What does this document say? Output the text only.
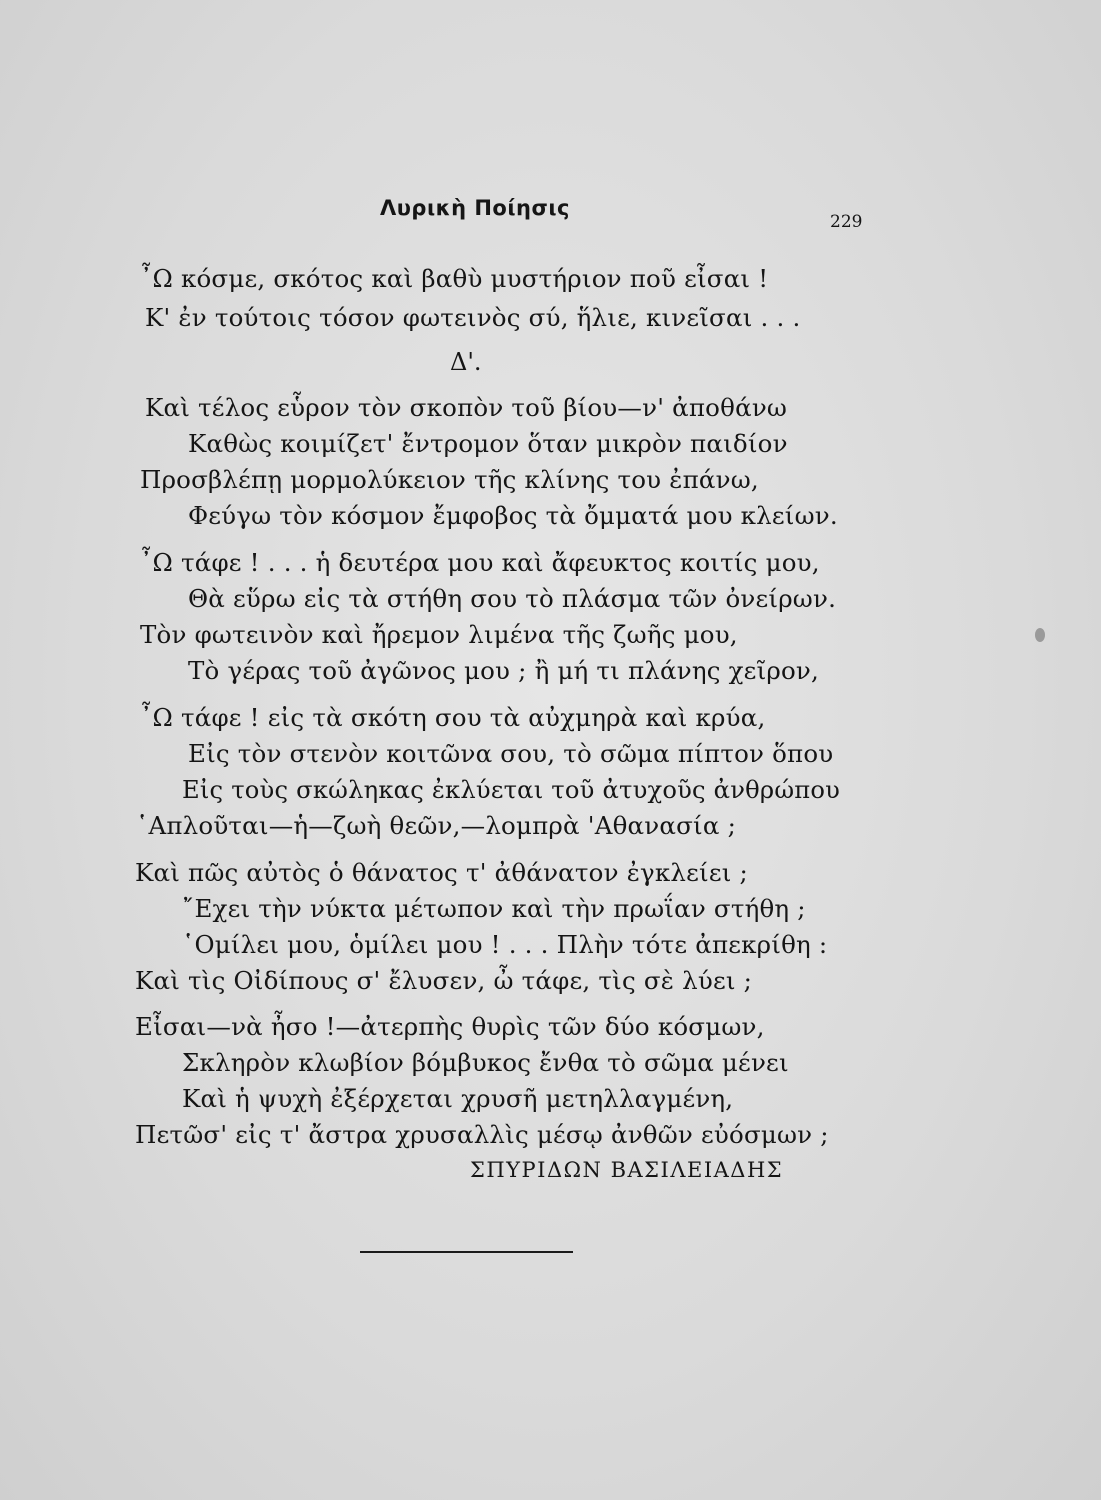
Λυρικὴ Ποίησις
229
῏Ω κόσμε, σκότος καὶ βαθὺ μυστήριον ποῦ εἶσαι !
Κ' ἐν τούτοις τόσον φωτεινὸς σύ, ἥλιε, κινεῖσαι . . .
Δ'.
Καὶ τέλος εὗρον τὸν σκοπὸν τοῦ βίου—ν' ἀποθάνω
Καθὼς κοιμίζετ' ἔντρομον ὅταν μικρὸν παιδίον
Προσβλέπῃ μορμολύκειον τῆς κλίνης του ἐπάνω,
Φεύγω τὸν κόσμον ἔμφοβος τὰ ὄμματά μου κλείων.
῏Ω τάφε ! . . . ἡ δευτέρα μου καὶ ἄφευκτος κοιτίς μου,
Θὰ εὕρω εἰς τὰ στήθη σου τὸ πλάσμα τῶν ὀνείρων.
Τὸν φωτεινὸν καὶ ἤρεμον λιμένα τῆς ζωῆς μου,
Τὸ γέρας τοῦ ἀγῶνος μου ; ἢ μή τι πλάνης χεῖρον,
῏Ω τάφε ! εἰς τὰ σκότη σου τὰ αὐχμηρὰ καὶ κρύα,
Εἰς τὸν στενὸν κοιτῶνα σου, τὸ σῶμα πίπτον ὅπου
Εἰς τοὺς σκώληκας ἐκλύεται τοῦ ἀτυχοῦς ἀνθρώπου
῾Απλοῦται—ἡ—ζωὴ θεῶν,—λομπρὰ 'Αθανασία ;
Καὶ πῶς αὐτὸς ὁ θάνατος τ' ἀθάνατον ἐγκλείει ;
῎Εχει τὴν νύκτα μέτωπον καὶ τὴν πρωΐαν στήθη ;
῾Ομίλει μου, ὁμίλει μου ! . . . Πλὴν τότε ἀπεκρίθη :
Καὶ τὶς Οἰδίπους σ' ἔλυσεν, ὦ τάφε, τὶς σὲ λύει ;
Εἶσαι—νὰ ἦσο !—ἀτερπὴς θυρὶς τῶν δύο κόσμων,
Σκληρὸν κλωβίον βόμβυκος ἔνθα τὸ σῶμα μένει
Καὶ ἡ ψυχὴ ἐξέρχεται χρυσῆ μετηλλαγμένη,
Πετῶσ' εἰς τ' ἄστρα χρυσαλλὶς μέσῳ ἀνθῶν εὐόσμων ;
ΣΠΥΡΙΔΩΝ ΒΑΣΙΛΕΙΑΔΗΣ
